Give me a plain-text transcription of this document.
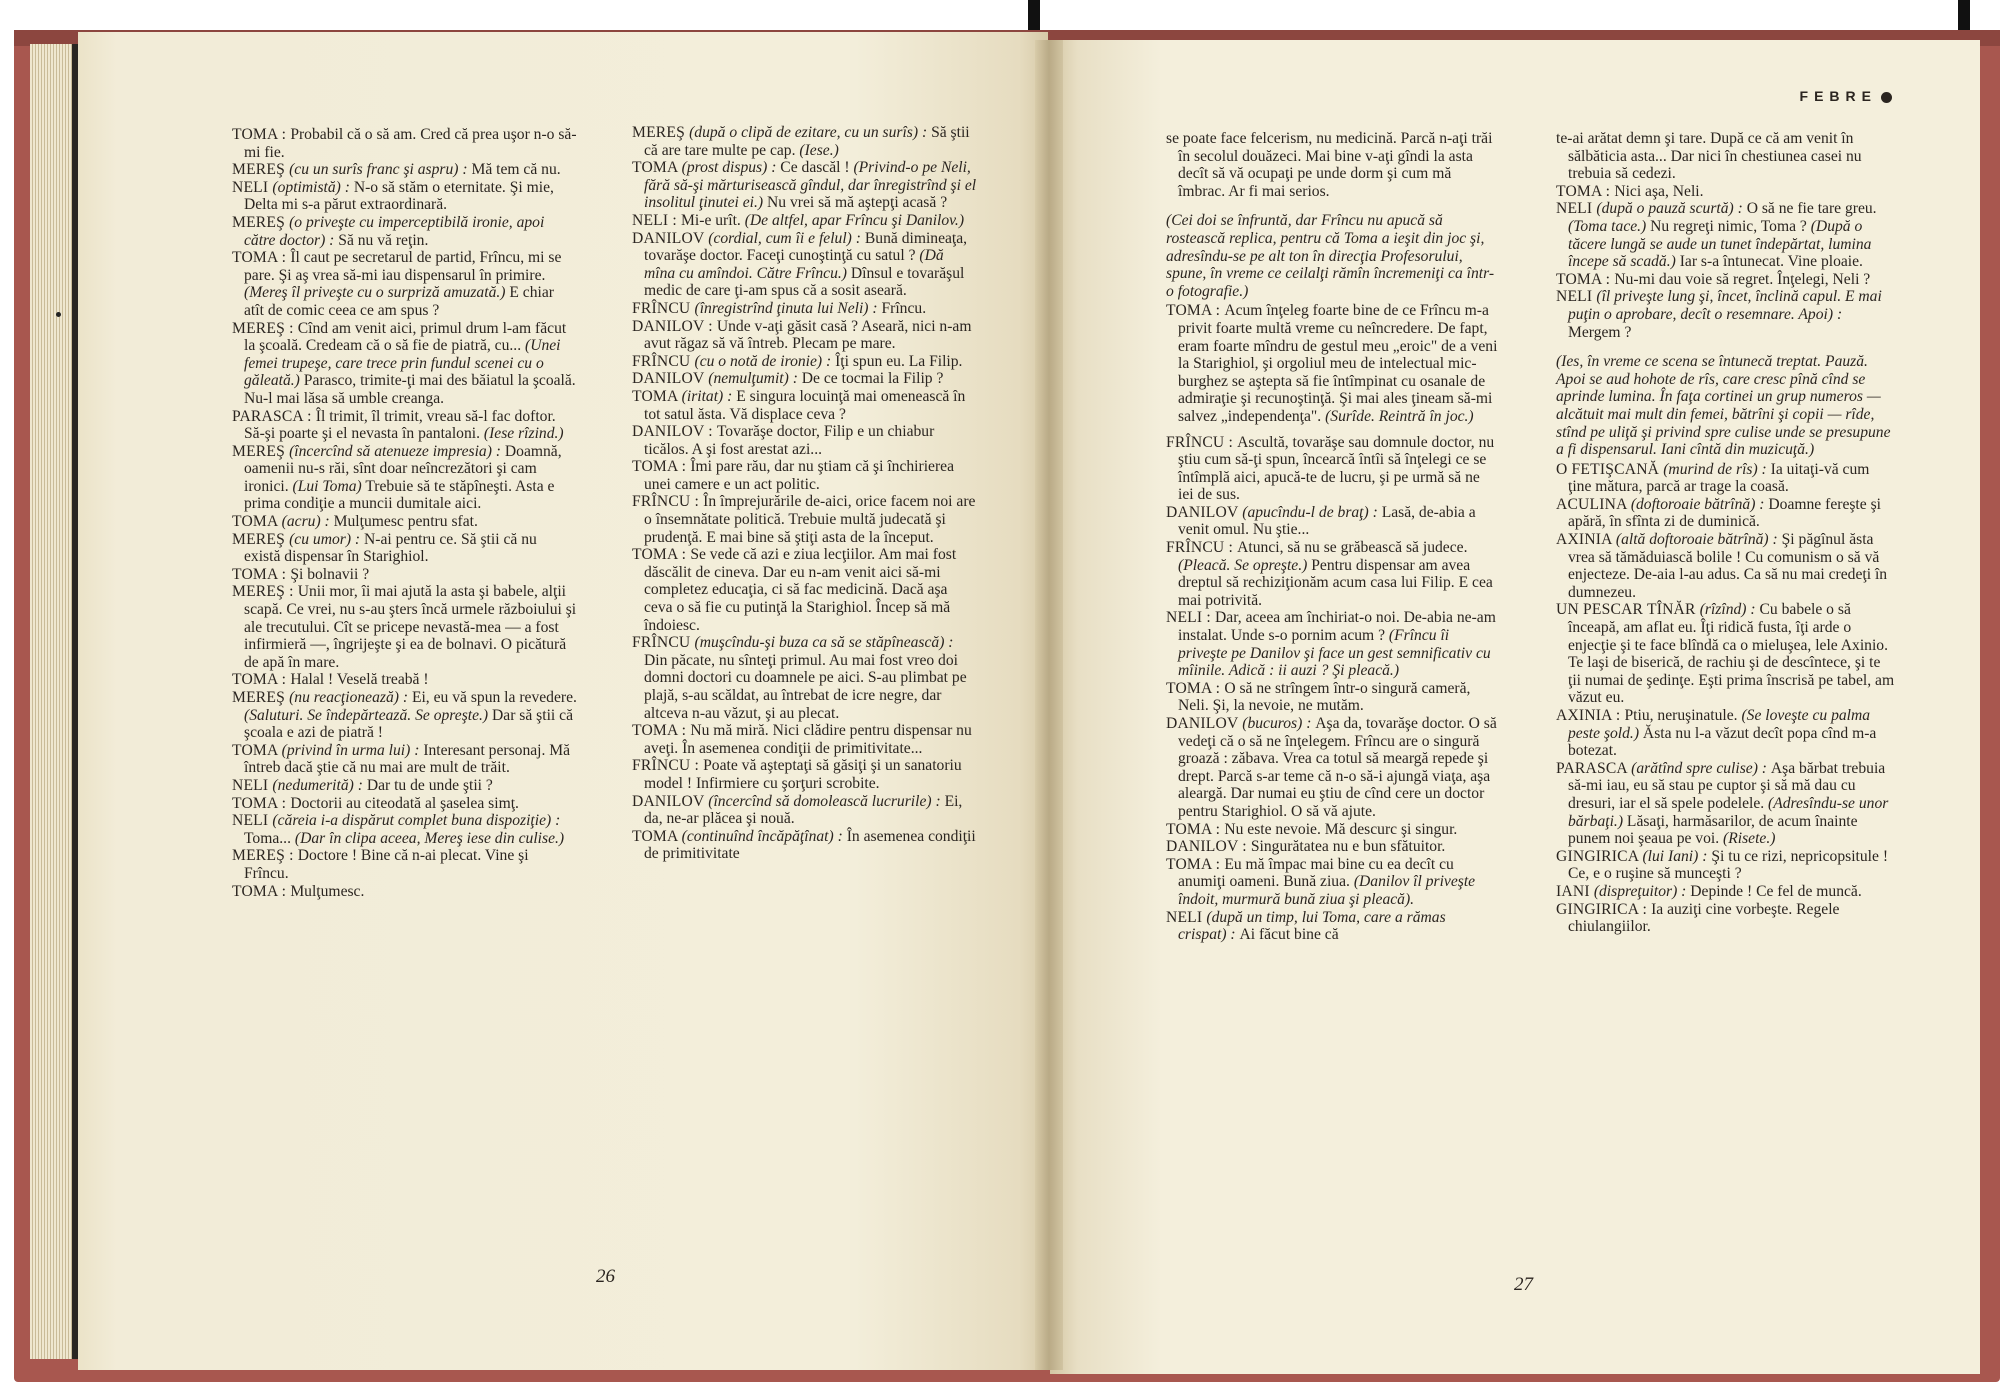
FEBRE

TOMA : Probabil că o să am. Cred că prea uşor n-o să-mi fie.

MEREŞ (cu un surîs franc şi aspru) : Mă tem că nu.

NELI (optimistă) : N-o să stăm o eternitate. Şi mie, Delta mi s-a părut extraordinară.

MEREŞ (o priveşte cu imperceptibilă ironie, apoi către doctor) : Să nu vă reţin.

TOMA : Îl caut pe secretarul de partid, Frîncu, mi se pare. Şi aş vrea să-mi iau dispensarul în primire. (Mereş îl priveşte cu o surpriză amuzată.) E chiar atît de comic ceea ce am spus ?

MEREŞ : Cînd am venit aici, primul drum l-am făcut la şcoală. Credeam că o să fie de piatră, cu... (Unei femei trupeşe, care trece prin fundul scenei cu o găleată.) Parasco, trimite-ţi mai des băiatul la şcoală. Nu-l mai lăsa să umble creanga.

PARASCA : Îl trimit, îl trimit, vreau să-l fac doftor. Să-şi poarte şi el nevasta în pantaloni. (Iese rîzind.)

MEREŞ (încercînd să atenueze impresia) : Doamnă, oamenii nu-s răi, sînt doar neîncrezători şi cam ironici. (Lui Toma) Trebuie să te stăpîneşti. Asta e prima condiţie a muncii dumitale aici.

TOMA (acru) : Mulţumesc pentru sfat.

MEREŞ (cu umor) : N-ai pentru ce. Să ştii că nu există dispensar în Starighiol.

TOMA : Şi bolnavii ?

MEREŞ : Unii mor, îi mai ajută la asta şi babele, alţii scapă. Ce vrei, nu s-au şters încă urmele războiului şi ale trecutului. Cît se pricepe nevastă-mea — a fost infirmieră —, îngrijeşte şi ea de bolnavi. O picătură de apă în mare.

TOMA : Halal ! Veselă treabă !

MEREŞ (nu reacţionează) : Ei, eu vă spun la revedere. (Saluturi. Se îndepărtează. Se opreşte.) Dar să ştii că şcoala e azi de piatră !

TOMA (privind în urma lui) : Interesant personaj. Mă întreb dacă ştie că nu mai are mult de trăit.

NELI (nedumerită) : Dar tu de unde ştii ?

TOMA : Doctorii au citeodată al şaselea simţ.

NELI (căreia i-a dispărut complet buna dispoziţie) : Toma... (Dar în clipa aceea, Mereş iese din culise.)

MEREŞ : Doctore ! Bine că n-ai plecat. Vine şi Frîncu.

TOMA : Mulţumesc.

MEREŞ (după o clipă de ezitare, cu un surîs) : Să ştii că are tare multe pe cap. (Iese.)

TOMA (prost dispus) : Ce dascăl ! (Privind-o pe Neli, fără să-şi mărturisească gîndul, dar înregistrînd şi el insolitul ţinutei ei.) Nu vrei să mă aştepţi acasă ?

NELI : Mi-e urît. (De altfel, apar Frîncu şi Danilov.)

DANILOV (cordial, cum îi e felul) : Bună dimineaţa, tovarăşe doctor. Faceţi cunoştinţă cu satul ? (Dă mîna cu amîndoi. Către Frîncu.) Dînsul e tovarăşul medic de care ţi-am spus că a sosit aseară.

FRÎNCU (înregistrînd ţinuta lui Neli) : Frîncu.

DANILOV : Unde v-aţi găsit casă ? Aseară, nici n-am avut răgaz să vă întreb. Plecam pe mare.

FRÎNCU (cu o notă de ironie) : Îţi spun eu. La Filip.

DANILOV (nemulţumit) : De ce tocmai la Filip ?

TOMA (iritat) : E singura locuinţă mai omenească în tot satul ăsta. Vă displace ceva ?

DANILOV : Tovarăşe doctor, Filip e un chiabur ticălos. A şi fost arestat azi...

TOMA : Îmi pare rău, dar nu ştiam că şi închirierea unei camere e un act politic.

FRÎNCU : În împrejurările de-aici, orice facem noi are o însemnătate politică. Trebuie multă judecată şi prudenţă. E mai bine să ştiţi asta de la început.

TOMA : Se vede că azi e ziua lecţiilor. Am mai fost dăscălit de cineva. Dar eu n-am venit aici să-mi completez educaţia, ci să fac medicină. Dacă aşa ceva o să fie cu putinţă la Starighiol. Încep să mă îndoiesc.

FRÎNCU (muşcîndu-şi buza ca să se stăpînească) : Din păcate, nu sînteţi primul. Au mai fost vreo doi domni doctori cu doamnele pe aici. S-au plimbat pe plajă, s-au scăldat, au întrebat de icre negre, dar altceva n-au văzut, şi au plecat.

TOMA : Nu mă miră. Nici clădire pentru dispensar nu aveţi. În asemenea condiţii de primitivitate...

FRÎNCU : Poate vă aşteptaţi să găsiţi şi un sanatoriu model ! Infirmiere cu şorţuri scrobite.

DANILOV (încercînd să domolească lucrurile) : Ei, da, ne-ar plăcea şi nouă.

TOMA (continuînd încăpăţînat) : În asemenea condiţii de primitivitate

se poate face felcerism, nu medicină. Parcă n-aţi trăi în secolul douăzeci. Mai bine v-aţi gîndi la asta decît să vă ocupaţi pe unde dorm şi cum mă îmbrac. Ar fi mai serios.

(Cei doi se înfruntă, dar Frîncu nu apucă să rostească replica, pentru că Toma a ieşit din joc şi, adresîndu-se pe alt ton în direcţia Profesorului, spune, în vreme ce ceilalţi rămîn încremeniţi ca într-o fotografie.)

TOMA : Acum înţeleg foarte bine de ce Frîncu m-a privit foarte multă vreme cu neîncredere. De fapt, eram foarte mîndru de gestul meu „eroic" de a veni la Starighiol, şi orgoliul meu de intelectual mic-burghez se aştepta să fie întîmpinat cu osanale de admiraţie şi recunoştinţă. Şi mai ales ţineam să-mi salvez „independenţa". (Surîde. Reintră în joc.)

FRÎNCU : Ascultă, tovarăşe sau domnule doctor, nu ştiu cum să-ţi spun, încearcă întîi să înţelegi ce se întîmplă aici, apucă-te de lucru, şi pe urmă să ne iei de sus.

DANILOV (apucîndu-l de braţ) : Lasă, de-abia a venit omul. Nu ştie...

FRÎNCU : Atunci, să nu se grăbească să judece. (Pleacă. Se opreşte.) Pentru dispensar am avea dreptul să rechiziţionăm acum casa lui Filip. E cea mai potrivită.

NELI : Dar, aceea am închiriat-o noi. De-abia ne-am instalat. Unde s-o pornim acum ? (Frîncu îi priveşte pe Danilov şi face un gest semnificativ cu mîinile. Adică : ii auzi ? Şi pleacă.)

TOMA : O să ne strîngem într-o singură cameră, Neli. Şi, la nevoie, ne mutăm.

DANILOV (bucuros) : Aşa da, tovarăşe doctor. O să vedeţi că o să ne înţelegem. Frîncu are o singură groază : zăbava. Vrea ca totul să meargă repede şi drept. Parcă s-ar teme că n-o să-i ajungă viaţa, aşa aleargă. Dar numai eu ştiu de cînd cere un doctor pentru Starighiol. O să vă ajute.

TOMA : Nu este nevoie. Mă descurc şi singur.

DANILOV : Singurătatea nu e bun sfătuitor.

TOMA : Eu mă împac mai bine cu ea decît cu anumiţi oameni. Bună ziua. (Danilov îl priveşte îndoit, murmură bună ziua şi pleacă).

NELI (după un timp, lui Toma, care a rămas crispat) : Ai făcut bine că

te-ai arătat demn şi tare. După ce că am venit în sălbăticia asta... Dar nici în chestiunea casei nu trebuia să cedezi.

TOMA : Nici aşa, Neli.

NELI (după o pauză scurtă) : O să ne fie tare greu. (Toma tace.) Nu regreţi nimic, Toma ? (După o tăcere lungă se aude un tunet îndepărtat, lumina începe să scadă.) Iar s-a întunecat. Vine ploaie.

TOMA : Nu-mi dau voie să regret. Înţelegi, Neli ?

NELI (îl priveşte lung şi, încet, înclină capul. E mai puţin o aprobare, decît o resemnare. Apoi) : Mergem ?

(Ies, în vreme ce scena se întunecă treptat. Pauză. Apoi se aud hohote de rîs, care cresc pînă cînd se aprinde lumina. În faţa cortinei un grup numeros — alcătuit mai mult din femei, bătrîni şi copii — rîde, stînd pe uliţă şi privind spre culise unde se presupune a fi dispensarul. Iani cîntă din muzicuţă.)

O FETIŞCANĂ (murind de rîs) : Ia uitaţi-vă cum ţine mătura, parcă ar trage la coasă.

ACULINA (doftoroaie bătrînă) : Doamne fereşte şi apără, în sfînta zi de duminică.

AXINIA (altă doftoroaie bătrînă) : Şi păgînul ăsta vrea să tămăduiască bolile ! Cu comunism o să vă enjecteze. De-aia l-au adus. Ca să nu mai credeţi în dumnezeu.

UN PESCAR TÎNĂR (rîzînd) : Cu babele o să înceapă, am aflat eu. Îţi ridică fusta, îţi arde o enjecţie şi te face blîndă ca o mieluşea, lele Axinio. Te laşi de biserică, de rachiu şi de descîntece, şi te ţii numai de şedinţe. Eşti prima înscrisă pe tabel, am văzut eu.

AXINIA : Ptiu, neruşinatule. (Se loveşte cu palma peste şold.) Ăsta nu l-a văzut decît popa cînd m-a botezat.

PARASCA (arătînd spre culise) : Aşa bărbat trebuia să-mi iau, eu să stau pe cuptor şi să mă dau cu dresuri, iar el să spele podelele. (Adresîndu-se unor bărbaţi.) Lăsaţi, harmăsarilor, de acum înainte punem noi şeaua pe voi. (Risete.)

GINGIRICA (lui Iani) : Şi tu ce rizi, nepricopsitule ! Ce, e o ruşine să munceşti ?

IANI (dispreţuitor) : Depinde ! Ce fel de muncă.

GINGIRICA : Ia auziţi cine vorbeşte. Regele chiulangiilor.

26	27
